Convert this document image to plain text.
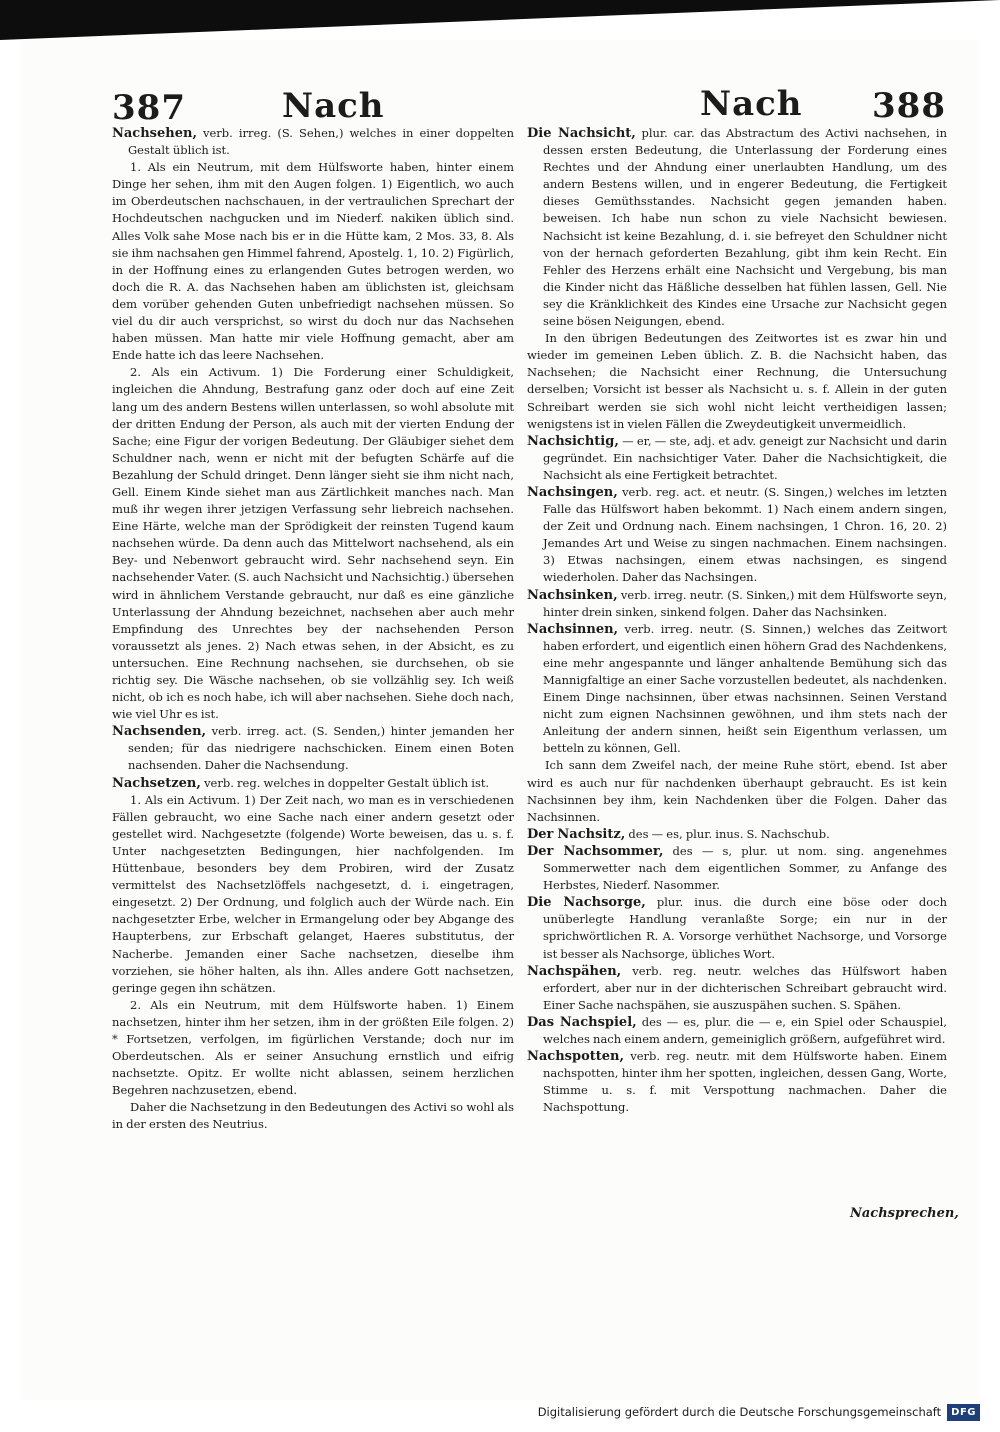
387	Nach	Nach 388

Nachsehen, verb. irreg. (S. Sehen,) welches in einer doppelten Gestalt üblich ist.

1. Als ein Neutrum, mit dem Hülfsworte haben, hinter einem Dinge her sehen, ihm mit den Augen folgen. 1) Eigentlich, wo auch im Oberdeutschen nachschauen, in der vertraulichen Sprechart der Hochdeutschen nachgucken und im Niederf. nakiken üblich sind. Alles Volk sahe Mose nach bis er in die Hütte kam, 2 Mos. 33, 8. Als sie ihm nachsahen gen Himmel fahrend, Apostelg. 1, 10. 2) Figürlich, in der Hoffnung eines zu erlangenden Gutes betrogen werden, wo doch die R. A. das Nachsehen haben am üblichsten ist, gleichsam dem vorüber gehenden Guten unbefriedigt nachsehen müssen. So viel du dir auch versprichst, so wirst du doch nur das Nachsehen haben müssen. Man hatte mir viele Hoffnung gemacht, aber am Ende hatte ich das leere Nachsehen.

2. Als ein Activum. 1) Die Forderung einer Schuldigkeit, ingleichen die Ahndung, Bestrafung ganz oder doch auf eine Zeit lang um des andern Bestens willen unterlassen, so wohl absolute mit der dritten Endung der Person, als auch mit der vierten Endung der Sache; eine Figur der vorigen Bedeutung. Der Gläubiger siehet dem Schuldner nach, wenn er nicht mit der befugten Schärfe auf die Bezahlung der Schuld dringet. Denn länger sieht sie ihm nicht nach, Gell. Einem Kinde siehet man aus Zärtlichkeit manches nach. Man muß ihr wegen ihrer jetzigen Verfassung sehr liebreich nachsehen. Eine Härte, welche man der Sprödigkeit der reinsten Tugend kaum nachsehen würde. Da denn auch das Mittelwort nachsehend, als ein Bey- und Nebenwort gebraucht wird. Sehr nachsehend seyn. Ein nachsehender Vater. (S. auch Nachsicht und Nachsichtig.) übersehen wird in ähnlichem Verstande gebraucht, nur daß es eine gänzliche Unterlassung der Ahndung bezeichnet, nachsehen aber auch mehr Empfindung des Unrechtes bey der nachsehenden Person voraussetzt als jenes. 2) Nach etwas sehen, in der Absicht, es zu untersuchen. Eine Rechnung nachsehen, sie durchsehen, ob sie richtig sey. Die Wäsche nachsehen, ob sie vollzählig sey. Ich weiß nicht, ob ich es noch habe, ich will aber nachsehen. Siehe doch nach, wie viel Uhr es ist.

Nachsenden, verb. irreg. act. (S. Senden,) hinter jemanden her senden; für das niedrigere nachschicken. Einem einen Boten nachsenden. Daher die Nachsendung.

Nachsetzen, verb. reg. welches in doppelter Gestalt üblich ist.

1. Als ein Activum. 1) Der Zeit nach, wo man es in verschiedenen Fällen gebraucht, wo eine Sache nach einer andern gesetzt oder gestellet wird. Nachgesetzte (folgende) Worte beweisen, das u. s. f. Unter nachgesetzten Bedingungen, hier nachfolgenden. Im Hüttenbaue, besonders bey dem Probiren, wird der Zusatz vermittelst des Nachsetzlöffels nachgesetzt, d. i. eingetragen, eingesetzt. 2) Der Ordnung, und folglich auch der Würde nach. Ein nachgesetzter Erbe, welcher in Ermangelung oder bey Abgange des Haupterbens, zur Erbschaft gelanget, Haeres substitutus, der Nacherbe. Jemanden einer Sache nachsetzen, dieselbe ihm vorziehen, sie höher halten, als ihn. Alles andere Gott nachsetzen, geringe gegen ihn schätzen.

2. Als ein Neutrum, mit dem Hülfsworte haben. 1) Einem nachsetzen, hinter ihm her setzen, ihm in der größten Eile folgen. 2) * Fortsetzen, verfolgen, im figürlichen Verstande; doch nur im Oberdeutschen. Als er seiner Ansuchung ernstlich und eifrig nachsetzte. Opitz. Er wollte nicht ablassen, seinem herzlichen Begehren nachzusetzen, ebend.

Daher die Nachsetzung in den Bedeutungen des Activi so wohl als in der ersten des Neutrius.

Die Nachsicht, plur. car. das Abstractum des Activi nachsehen, in dessen ersten Bedeutung, die Unterlassung der Forderung eines Rechtes und der Ahndung einer unerlaubten Handlung, um des andern Bestens willen, und in engerer Bedeutung, die Fertigkeit dieses Gemüthsstandes. Nachsicht gegen jemanden haben. beweisen. Ich habe nun schon zu viele Nachsicht bewiesen. Nachsicht ist keine Bezahlung, d. i. sie befreyet den Schuldner nicht von der hernach geforderten Bezahlung, gibt ihm kein Recht. Ein Fehler des Herzens erhält eine Nachsicht und Vergebung, bis man die Kinder nicht das Häßliche desselben hat fühlen lassen, Gell. Nie sey die Kränklichkeit des Kindes eine Ursache zur Nachsicht gegen seine bösen Neigungen, ebend.

In den übrigen Bedeutungen des Zeitwortes ist es zwar hin und wieder im gemeinen Leben üblich. Z. B. die Nachsicht haben, das Nachsehen; die Nachsicht einer Rechnung, die Untersuchung derselben; Vorsicht ist besser als Nachsicht u. s. f. Allein in der guten Schreibart werden sie sich wohl nicht leicht vertheidigen lassen; wenigstens ist in vielen Fällen die Zweydeutigkeit unvermeidlich.

Nachsichtig, — er, — ste, adj. et adv. geneigt zur Nachsicht und darin gegründet. Ein nachsichtiger Vater. Daher die Nachsichtigkeit, die Nachsicht als eine Fertigkeit betrachtet.

Nachsingen, verb. reg. act. et neutr. (S. Singen,) welches im letzten Falle das Hülfswort haben bekommt. 1) Nach einem andern singen, der Zeit und Ordnung nach. Einem nachsingen, 1 Chron. 16, 20. 2) Jemandes Art und Weise zu singen nachmachen. Einem nachsingen. 3) Etwas nachsingen, einem etwas nachsingen, es singend wiederholen. Daher das Nachsingen.

Nachsinken, verb. irreg. neutr. (S. Sinken,) mit dem Hülfsworte seyn, hinter drein sinken, sinkend folgen. Daher das Nachsinken.

Nachsinnen, verb. irreg. neutr. (S. Sinnen,) welches das Zeitwort haben erfordert, und eigentlich einen höhern Grad des Nachdenkens, eine mehr angespannte und länger anhaltende Bemühung sich das Mannigfaltige an einer Sache vorzustellen bedeutet, als nachdenken. Einem Dinge nachsinnen, über etwas nachsinnen. Seinen Verstand nicht zum eignen Nachsinnen gewöhnen, und ihm stets nach der Anleitung der andern sinnen, heißt sein Eigenthum verlassen, um betteln zu können, Gell.

Ich sann dem Zweifel nach, der meine Ruhe stört, ebend. Ist aber wird es auch nur für nachdenken überhaupt gebraucht. Es ist kein Nachsinnen bey ihm, kein Nachdenken über die Folgen. Daher das Nachsinnen.

Der Nachsitz, des — es, plur. inus. S. Nachschub.

Der Nachsommer, des — s, plur. ut nom. sing. angenehmes Sommerwetter nach dem eigentlichen Sommer, zu Anfange des Herbstes, Niederf. Nasommer.

Die Nachsorge, plur. inus. die durch eine böse oder doch unüberlegte Handlung veranlaßte Sorge; ein nur in der sprichwörtlichen R. A. Vorsorge verhüthet Nachsorge, und Vorsorge ist besser als Nachsorge, übliches Wort.

Nachspähen, verb. reg. neutr. welches das Hülfswort haben erfordert, aber nur in der dichterischen Schreibart gebraucht wird. Einer Sache nachspähen, sie auszuspähen suchen. S. Spähen.

Das Nachspiel, des — es, plur. die — e, ein Spiel oder Schauspiel, welches nach einem andern, gemeiniglich größern, aufgeführet wird.

Nachspotten, verb. reg. neutr. mit dem Hülfsworte haben. Einem nachspotten, hinter ihm her spotten, ingleichen, dessen Gang, Worte, Stimme u. s. f. mit Verspottung nachmachen. Daher die Nachspottung.

Nachsprechen,
Digitalisierung gefördert durch die Deutsche Forschungsgemeinschaft	DFG
